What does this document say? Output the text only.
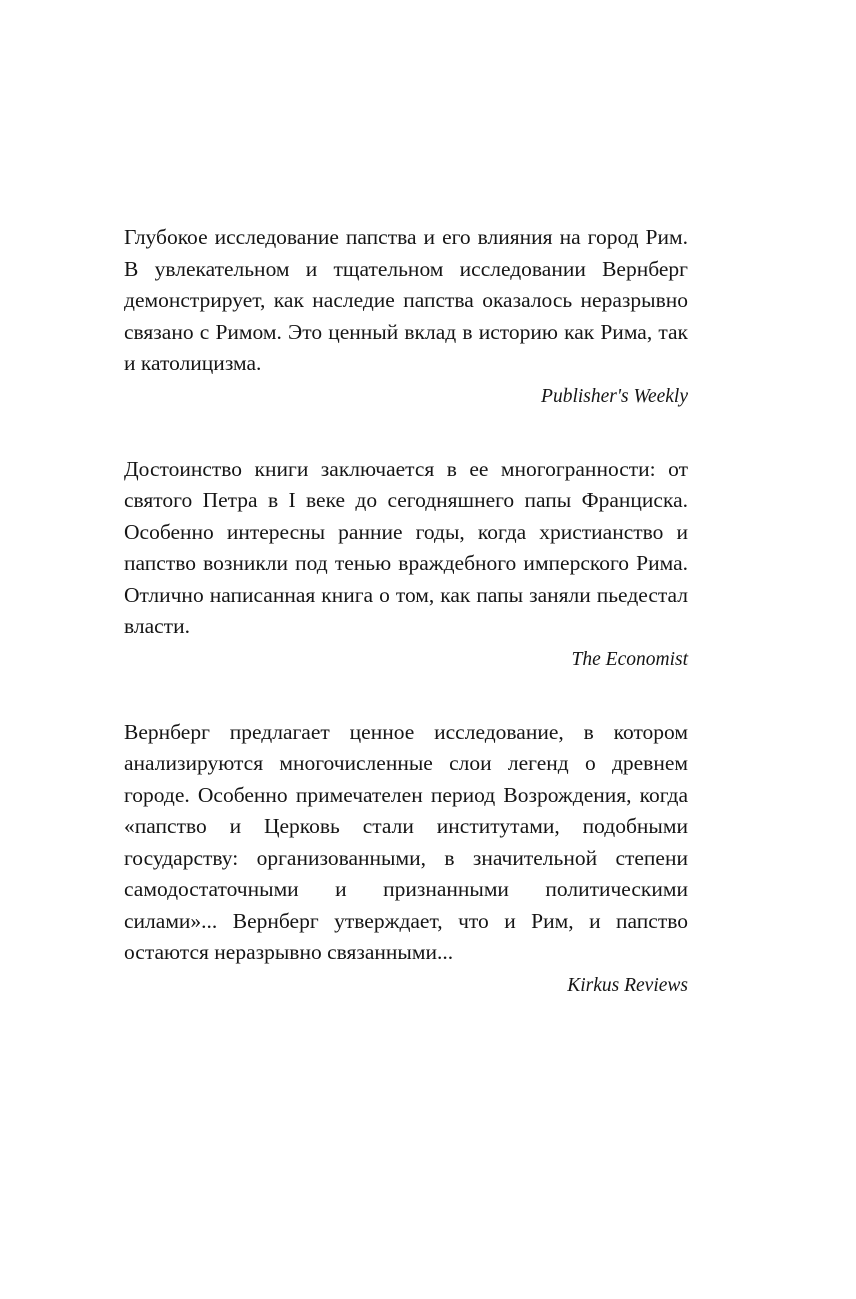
Глубокое исследование папства и его влияния на город Рим. В увлекательном и тщательном исследовании Вернберг демонстрирует, как наследие папства оказалось неразрывно связано с Римом. Это ценный вклад в историю как Рима, так и католицизма.

Publisher's Weekly

Достоинство книги заключается в ее многогранности: от святого Петра в I веке до сегодняшнего папы Франциска. Особенно интересны ранние годы, когда христианство и папство возникли под тенью враждебного имперского Рима. Отлично написанная книга о том, как папы заняли пьедестал власти.

The Economist

Вернберг предлагает ценное исследование, в котором анализируются многочисленные слои легенд о древнем городе. Особенно примечателен период Возрождения, когда «папство и Церковь стали институтами, подобными государству: организованными, в значительной степени самодостаточными и признанными политическими силами»... Вернберг утверждает, что и Рим, и папство остаются неразрывно связанными...

Kirkus Reviews
